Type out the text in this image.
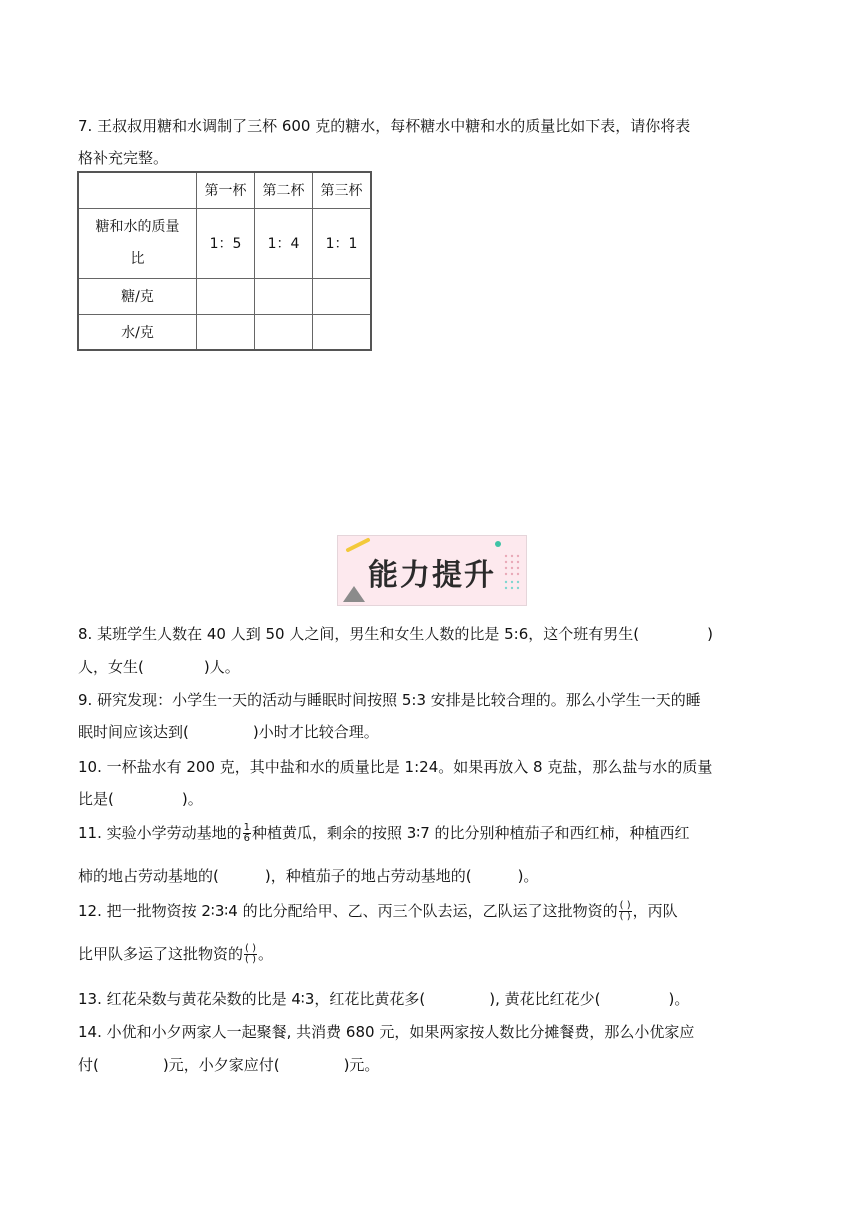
7. 王叔叔用糖和水调制了三杯 600 克的糖水，每杯糖水中糖和水的质量比如下表，请你将表
格补充完整。
	第一杯	第二杯	第三杯
糖和水的质量
比	1：5	1：4	1：1
糖/克			
水/克			
能力提升
8. 某班学生人数在 40 人到 50 人之间，男生和女生人数的比是 5:6，这个班有男生(	)
人，女生(	)人。
9. 研究发现：小学生一天的活动与睡眠时间按照 5:3 安排是比较合理的。那么小学生一天的睡
眠时间应该达到(	)小时才比较合理。
10. 一杯盐水有 200 克，其中盐和水的质量比是 1:24。如果再放入 8 克盐，那么盐与水的质量
比是(	)。
11. 实验小学劳动基地的 $\frac{1}{6}$ 种植黄瓜，剩余的按照 3∶7 的比分别种植茄子和西红柿，种植西红
柿的地占劳动基地的(	)，种植茄子的地占劳动基地的(	)。
12. 把一批物资按 2∶3∶4 的比分配给甲、乙、丙三个队去运，乙队运了这批物资的 $\frac{( )}{( )}$ ，丙队
比甲队多运了这批物资的 $\frac{( )}{( )}$ 。
13. 红花朵数与黄花朵数的比是 4∶3，红花比黄花多(	), 黄花比红花少(	)。
14. 小优和小夕两家人一起聚餐, 共消费 680 元，如果两家按人数比分摊餐费，那么小优家应
付(	)元，小夕家应付(	)元。
